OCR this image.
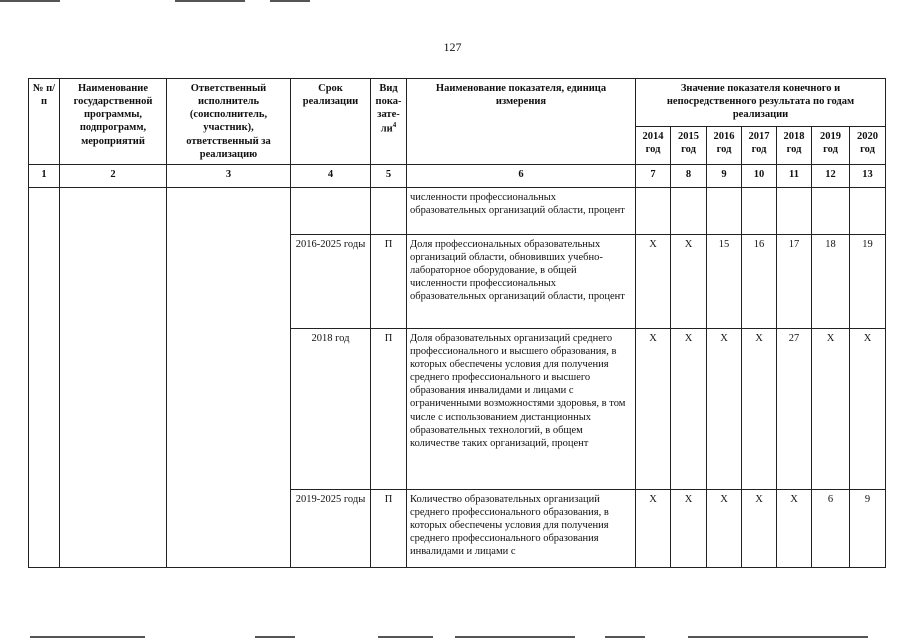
127
№ п/п	Наименование государственной программы, подпрограмм, мероприятий	Ответственный исполнитель (соисполнитель, участник), ответственный за реализацию	Срок реализации	Вид пока- зате- $ли^4$	Наименование показателя, единица измерения	Значение показателя конечного и непосредственного результата по годам реализации						
						2014 год	2015 год	2016 год	2017 год	2018 год	2019 год	2020 год
1	2	3	4	5	6	7	8	9	10	11	12	13
					численности профессиональных образовательных организаций области, процент							
			2016-2025 годы	П	Доля профессиональных образовательных организаций области, обновивших учебно-лабораторное оборудование, в общей численности профессиональных образовательных организаций области, процент	Х	Х	15	16	17	18	19
			2018 год	П	Доля образовательных организаций среднего профессионального и высшего образования, в которых обеспечены условия для получения среднего профессионального и высшего образования инвалидами и лицами с ограниченными возможностями здоровья, в том числе с использованием дистанционных образовательных технологий, в общем количестве таких организаций, процент	Х	Х	Х	Х	27	Х	Х
			2019-2025 годы	П	Количество образовательных организаций среднего профессионального образования, в которых обеспечены условия для получения среднего профессионального образования инвалидами и лицами с	Х	Х	Х	Х	Х	6	9
